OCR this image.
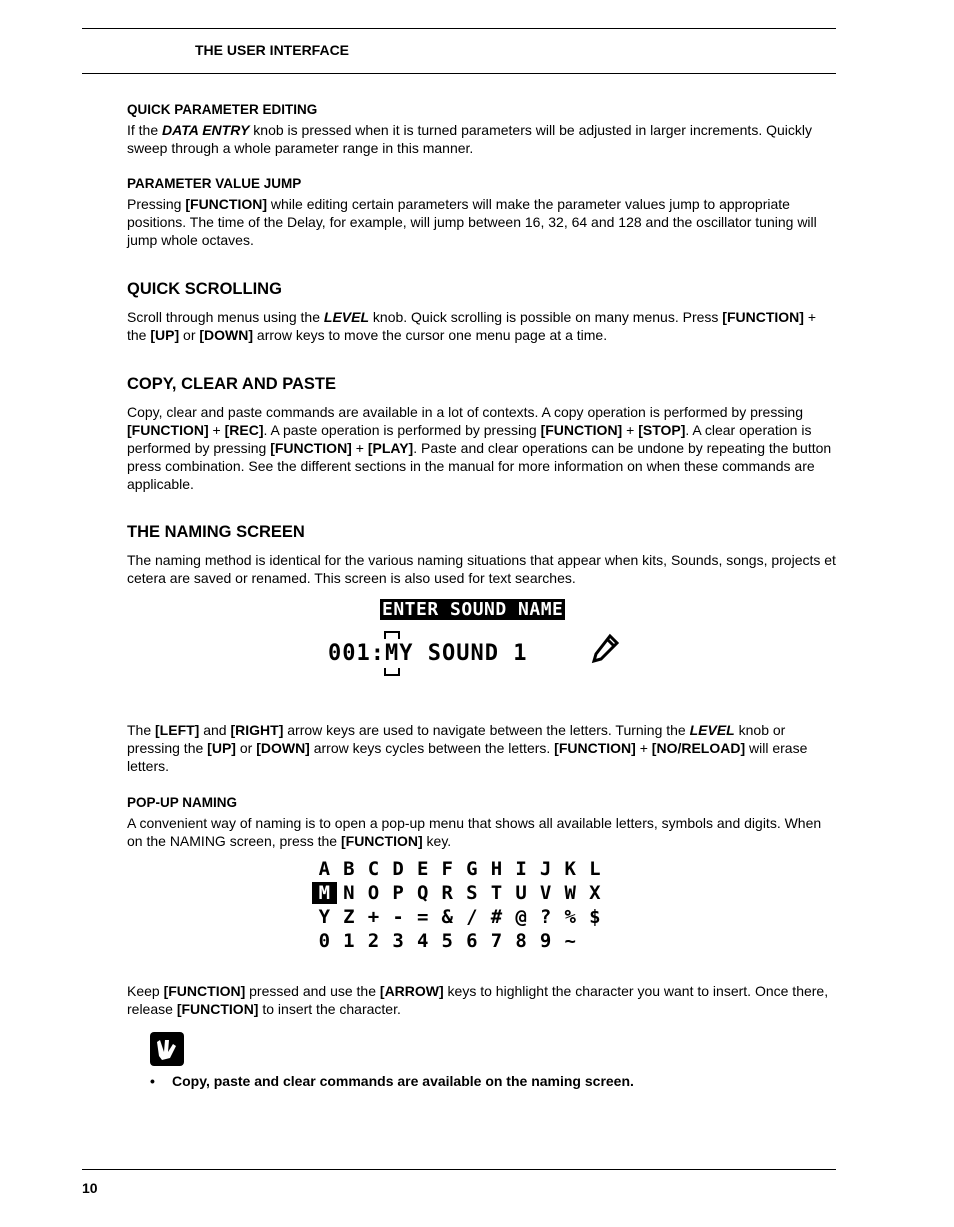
THE USER INTERFACE
QUICK PARAMETER EDITING

If the DATA ENTRY knob is pressed when it is turned parameters will be adjusted in larger increments. Quickly sweep through a whole parameter range in this manner.

PARAMETER VALUE JUMP

Pressing [FUNCTION] while editing certain parameters will make the parameter values jump to appropriate positions. The time of the Delay, for example, will jump between 16, 32, 64 and 128 and the oscillator tuning will jump whole octaves.

QUICK SCROLLING

Scroll through menus using the LEVEL knob. Quick scrolling is possible on many menus. Press [FUNCTION] + the [UP] or [DOWN] arrow keys to move the cursor one menu page at a time.

COPY, CLEAR AND PASTE

Copy, clear and paste commands are available in a lot of contexts. A copy operation is performed by pressing [FUNCTION] + [REC]. A paste operation is performed by pressing [FUNCTION] + [STOP]. A clear operation is performed by pressing [FUNCTION] + [PLAY]. Paste and clear operations can be undone by repeating the button press combination. See the different sections in the manual for more information on when these commands are applicable.

THE NAMING SCREEN

The naming method is identical for the various naming situations that appear when kits, Sounds, songs, projects et cetera are saved or renamed. This screen is also used for text searches.

ENTER SOUND NAME
001:
MY SOUND 1

The [LEFT] and [RIGHT] arrow keys are used to navigate between the letters. Turning the LEVEL knob or pressing the [UP] or [DOWN] arrow keys cycles between the letters. [FUNCTION] + [NO/RELOAD] will erase letters.

POP-UP NAMING

A convenient way of naming is to open a pop-up menu that shows all available letters, symbols and digits. When on the NAMING screen, press the [FUNCTION] key.

A B C D E F G H I J K L
M N O P Q R S T U V W X
Y Z + - = & / # @ ? % $
0 1 2 3 4 5 6 7 8 9 ~

Keep [FUNCTION] pressed and use the [ARROW] keys to highlight the character you want to insert. Once there, release [FUNCTION] to insert the character.

• Copy, paste and clear commands are available on the naming screen.
10
